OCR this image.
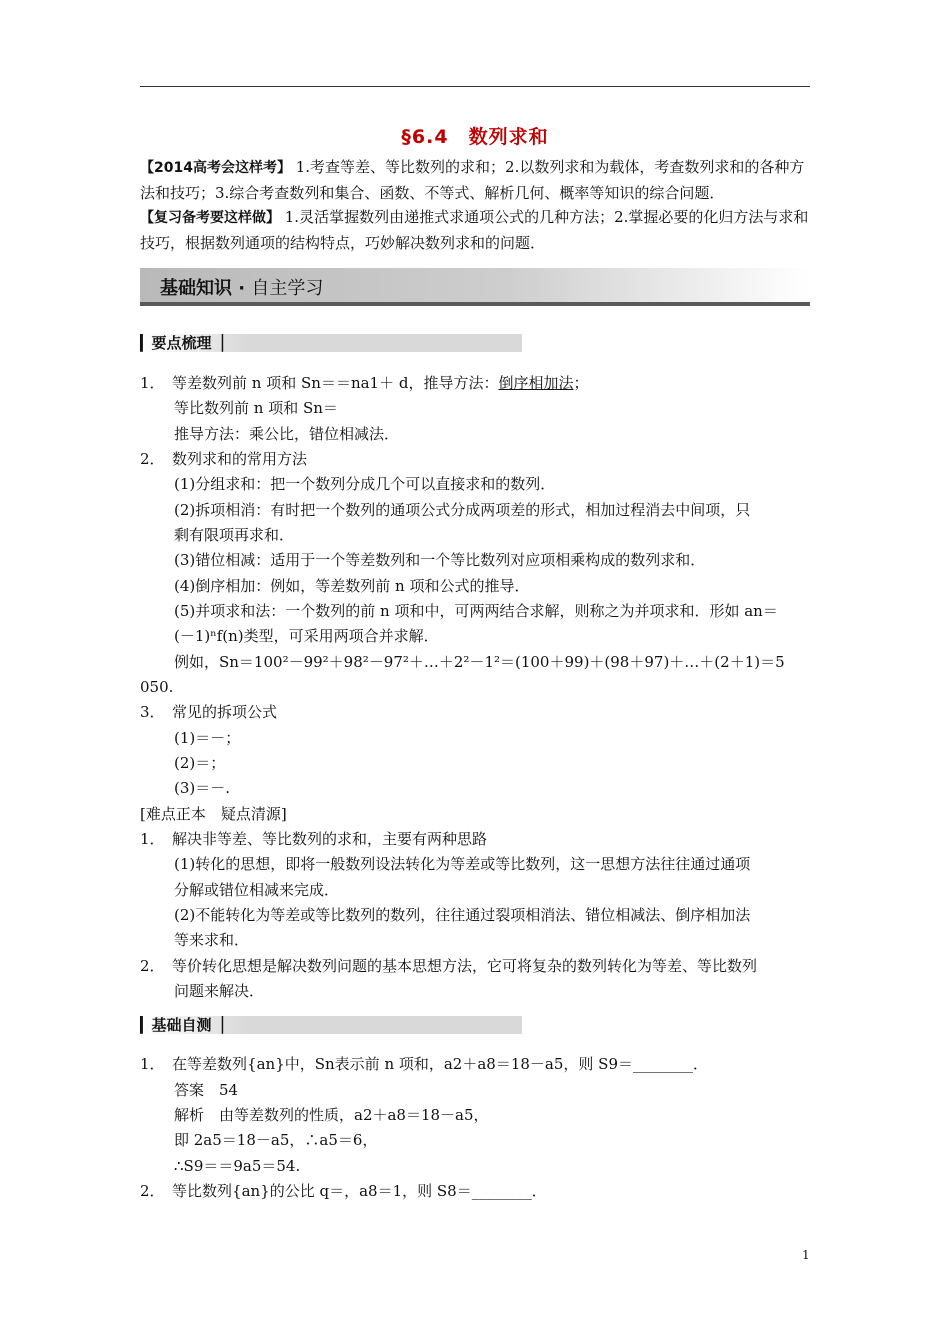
§6.4　数列求和
【2014高考会这样考】 1.考查等差、等比数列的求和；2.以数列求和为载体，考查数列求和的各种方法和技巧；3.综合考查数列和集合、函数、不等式、解析几何、概率等知识的综合问题．
【复习备考要这样做】 1.灵活掌握数列由递推式求通项公式的几种方法；2.掌握必要的化归方法与求和技巧，根据数列通项的结构特点，巧妙解决数列求和的问题．
基础知识 · 自主学习
▎要点梳理▕
1．　等差数列前 n 项和 Sn＝＝na1＋ d，推导方法：倒序相加法；
等比数列前 n 项和 Sn＝
推导方法：乘公比，错位相减法．
2．　数列求和的常用方法
(1)分组求和：把一个数列分成几个可以直接求和的数列．
(2)拆项相消：有时把一个数列的通项公式分成两项差的形式，相加过程消去中间项，只
剩有限项再求和．
(3)错位相减：适用于一个等差数列和一个等比数列对应项相乘构成的数列求和．
(4)倒序相加：例如，等差数列前 n 项和公式的推导．
(5)并项求和法：一个数列的前 n 项和中，可两两结合求解，则称之为并项求和．形如 an＝
(－1)ⁿf(n)类型，可采用两项合并求解．
例如，Sn＝100²－99²＋98²－97²＋…＋2²－1²＝(100＋99)＋(98＋97)＋…＋(2＋1)＝5
050.
3．　常见的拆项公式
(1)＝－；
(2)＝；
(3)＝－.
[难点正本　疑点清源]
1．　解决非等差、等比数列的求和，主要有两种思路
(1)转化的思想，即将一般数列设法转化为等差或等比数列，这一思想方法往往通过通项
分解或错位相减来完成．
(2)不能转化为等差或等比数列的数列，往往通过裂项相消法、错位相减法、倒序相加法
等来求和．
2．　等价转化思想是解决数列问题的基本思想方法，它可将复杂的数列转化为等差、等比数列
问题来解决．
▎基础自测▕
1．　在等差数列{an}中，Sn表示前 n 项和，a2＋a8＝18－a5，则 S9＝________．
答案　54
解析　由等差数列的性质，a2＋a8＝18－a5，
即 2a5＝18－a5，∴a5＝6，
∴S9＝＝9a5＝54.
2．　等比数列{an}的公比 q＝，a8＝1，则 S8＝________．
1
